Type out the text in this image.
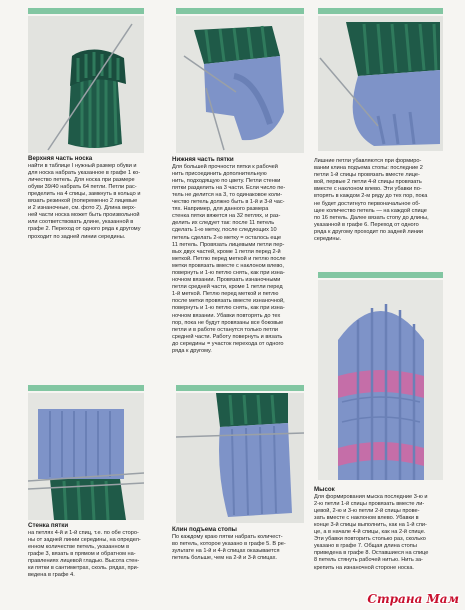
Верхняя часть носка
найти в таблице I нужный размер обуви и
для носка набрать указанное в графе 1 ко-
личество петель. Для носка при размере
обуви 39/40 набрать 64 петли. Петли рас-
пределить на 4 спицы, замкнуть в кольцо и
вязать резинкой (попеременно 2 лицевые
и 2 изнаночные, см. фото 2). Длина верх-
ней части носка может быть произвольной
или соответствовать длине, указанной в
графе 2. Переход от одного ряда к другому
проходит по задней линии середины.
Нижняя часть пятки
Для большей прочности пятки к рабочей
нить присоединить дополнительную
нить, подходящую по цвету. Петли стенки
пятки разделить на 3 части. Если число пе-
тель не делится на 3, то одинаковое коли-
чество петель должно быть в 1-й и 3-й час-
тях. Например, для данного размера
стенка пятки вяжется на 32 петлях, и раз-
делить их следует так: после 11 петель
сделать 1-ю метку, после следующих 10
петель сделать 2-ю метку = осталось еще
11 петель. Провязать лицевыми петли пер-
вых двух частей, кроме 1 петли перед 2-й
меткой. Петлю перед меткой и петлю после
метки провязать вместе с наклоном влево,
повернуть и 1-ю петлю снять, как при изна-
ночном вязании. Провязать изнаночными
петли средней части, кроме 1 петли перед
1-й меткой. Петлю перед меткой и петлю
после метки провязать вместе изнаночной,
повернуть и 1-ю петлю снять, как при изна-
ночном вязании. Убавки повторять до тех
пор, пока не будут провязаны все боковые
петли и в работе останутся только петли
средней части. Работу повернуть и вязать
до середины = участок перехода от одного
ряда к другому.
Лишние петли убавляются при формиро-
вании клина подъема стопы: последние 2
петли 1-й спицы провязать вместе лице-
вой, первые 2 петли 4-й спицы провязать
вместе с наклоном влево. Эти убавки по-
вторять в каждом 2-м ряду до тех пор, пока
не будет достигнуто первоначальное об-
щее количество петель — на каждой спице
по 16 петель. Далее вязать стопу до длины,
указанной в графе 6. Переход от одного
ряда к другому проходит по задней линии
середины.
Мысок
Для формирования мыска последние 3-ю и
2-ю петли 1-й спицы провязать вместе ли-
цевой, 2-ю и 3-ю петли 2-й спицы прове-
зать вместе с наклоном влево. Убавки в
конце 3-й спицы выполнить, как на 1-й спи-
це, а в начале 4-й спицы, как на 2-й спице.
Эти убавки повторить столько раз, сколько
указано в графе 7. Общая длина стопы
приведена в графе 8. Оставшиеся на спице
8 петель стянуть рабочей нитью. Нить за-
крепить на изнаночной стороне носка.
Стенка пятки
на петлях 4-й и 1-й спиц, т.е. по обе сторо-
ны от задней линии середины, на определ-
енном количестве петель, указанном в
графе 3, вязать в прямом и обратном на-
правлениях лицевой гладью. Высота стен-
ки пятки в сантиметрах, сколь. рядах, при-
ведена в графе 4.
Клин подъема стопы
По каждому краю пятки набрать количест-
во петель, которое указано в графе 5. В ре-
зультате на 1-й и 4-й спицах оказывается
петель больше, чем на 2-й и 3-й спицах.
Страна Мам
